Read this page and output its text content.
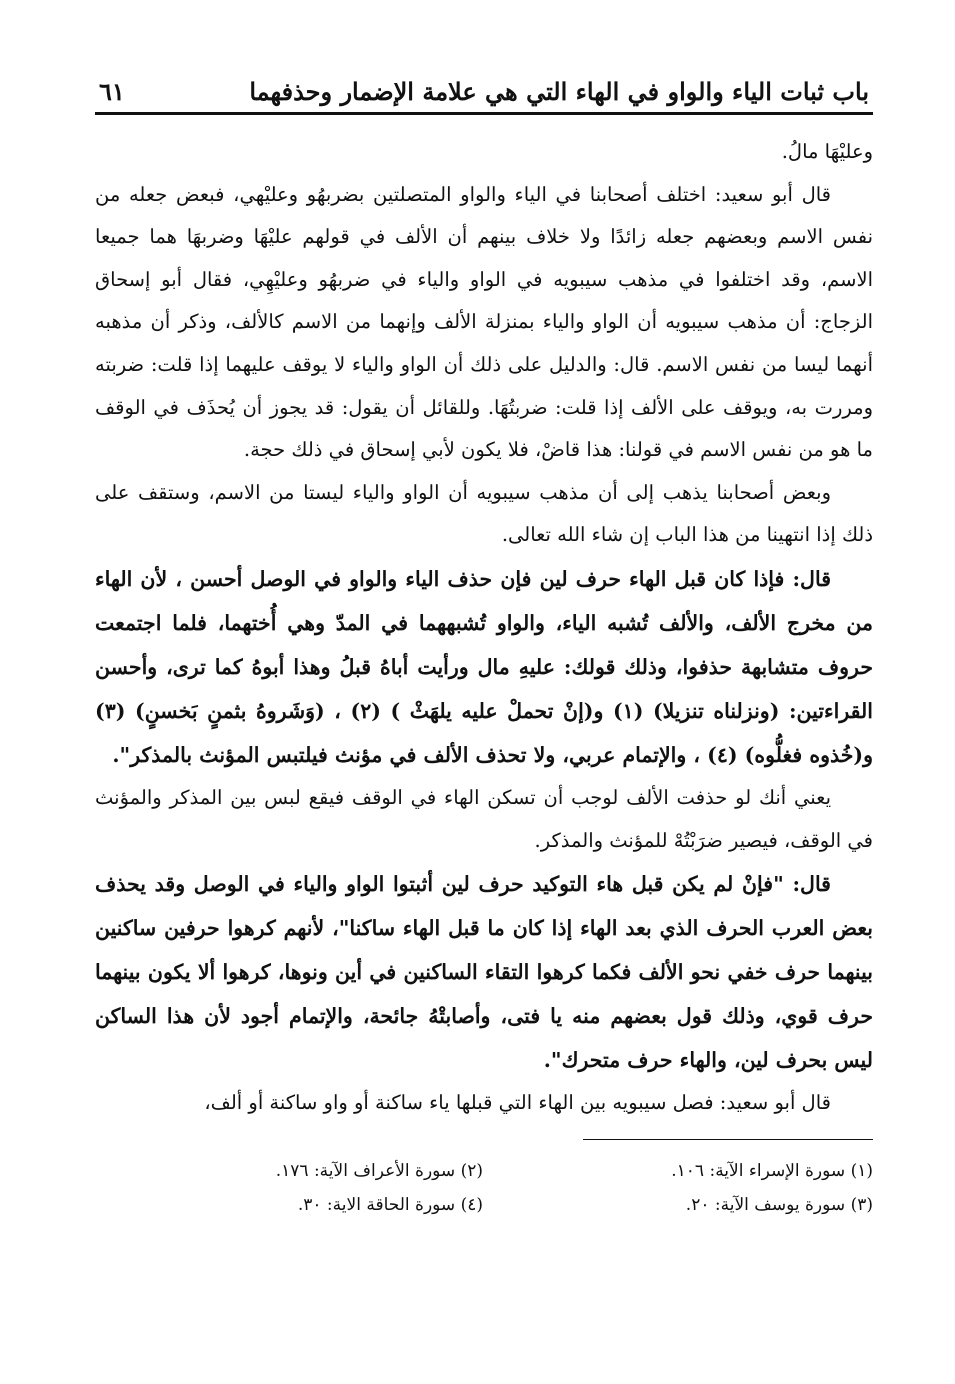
باب ثبات الياء والواو في الهاء التي هي علامة الإضمار وحذفهما
٦١

وعليْهَا مالُ.

قال أبو سعيد: اختلف أصحابنا في الياء والواو المتصلتين بضربهُو وعليْهي، فبعض جعله من نفس الاسم وبعضهم جعله زائدًا ولا خلاف بينهم أن الألف في قولهم عليْهَا وضربهَا هما جميعا الاسم، وقد اختلفوا في مذهب سيبويه في الواو والياء في ضربهُو وعليْهِي، فقال أبو إسحاق الزجاج: أن مذهب سيبويه أن الواو والياء بمنزلة الألف وإنهما من الاسم كالألف، وذكر أن مذهبه أنهما ليسا من نفس الاسم. قال: والدليل على ذلك أن الواو والياء لا يوقف عليهما إذا قلت: ضربته ومررت به، ويوقف على الألف إذا قلت: ضربتُهَا. وللقائل أن يقول: قد يجوز أن يُحذَف في الوقف ما هو من نفس الاسم في قولنا: هذا قاضْ، فلا يكون لأبي إسحاق في ذلك حجة.

وبعض أصحابنا يذهب إلى أن مذهب سيبويه أن الواو والياء ليستا من الاسم، وستقف على ذلك إذا انتهينا من هذا الباب إن شاء الله تعالى.

قال: فإذا كان قبل الهاء حرف لين فإن حذف الياء والواو في الوصل أحسن ، لأن الهاء من مخرج الألف، والألف تُشبه الياء، والواو تُشبههما في المدّ وهي أُختهما، فلما اجتمعت حروف متشابهة حذفوا، وذلك قولك: عليهِ مال ورأيت أباهُ قبلُ وهذا أبوهُ كما ترى، وأحسن القراءتين: (ونزلناه تنزيلا) (١) و(إنْ تحملْ عليه يلهَثْ ) (٢) ، (وَشَروهُ بثمنٍ بَخسنٍ) (٣) و(خُذوه فغلُّوه) (٤) ، والإتمام عربي، ولا تحذف الألف في مؤنث فيلتبس المؤنث بالمذكر".

يعني أنك لو حذفت الألف لوجب أن تسكن الهاء في الوقف فيقع لبس بين المذكر والمؤنث في الوقف، فيصير ضرَبْتُهْ للمؤنث والمذكر.

قال: "فإنْ لم يكن قبل هاء التوكيد حرف لين أثبتوا الواو والياء في الوصل وقد يحذف بعض العرب الحرف الذي بعد الهاء إذا كان ما قبل الهاء ساكنا"، لأنهم كرهوا حرفين ساكنين بينهما حرف خفي نحو الألف فكما كرهوا التقاء الساكنين في أين ونوها، كرهوا ألا يكون بينهما حرف قوي، وذلك قول بعضهم منه يا فتى، وأصابتْهُ جائحة، والإتمام أجود لأن هذا الساكن ليس بحرف لين، والهاء حرف متحرك".

قال أبو سعيد: فصل سيبويه بين الهاء التي قبلها ياء ساكنة أو واو ساكنة أو ألف،

(١) سورة الإسراء الآية: ١٠٦.
(٢) سورة الأعراف الآية: ١٧٦.
(٣) سورة يوسف الآية: ٢٠.
(٤) سورة الحاقة الاية: ٣٠.
